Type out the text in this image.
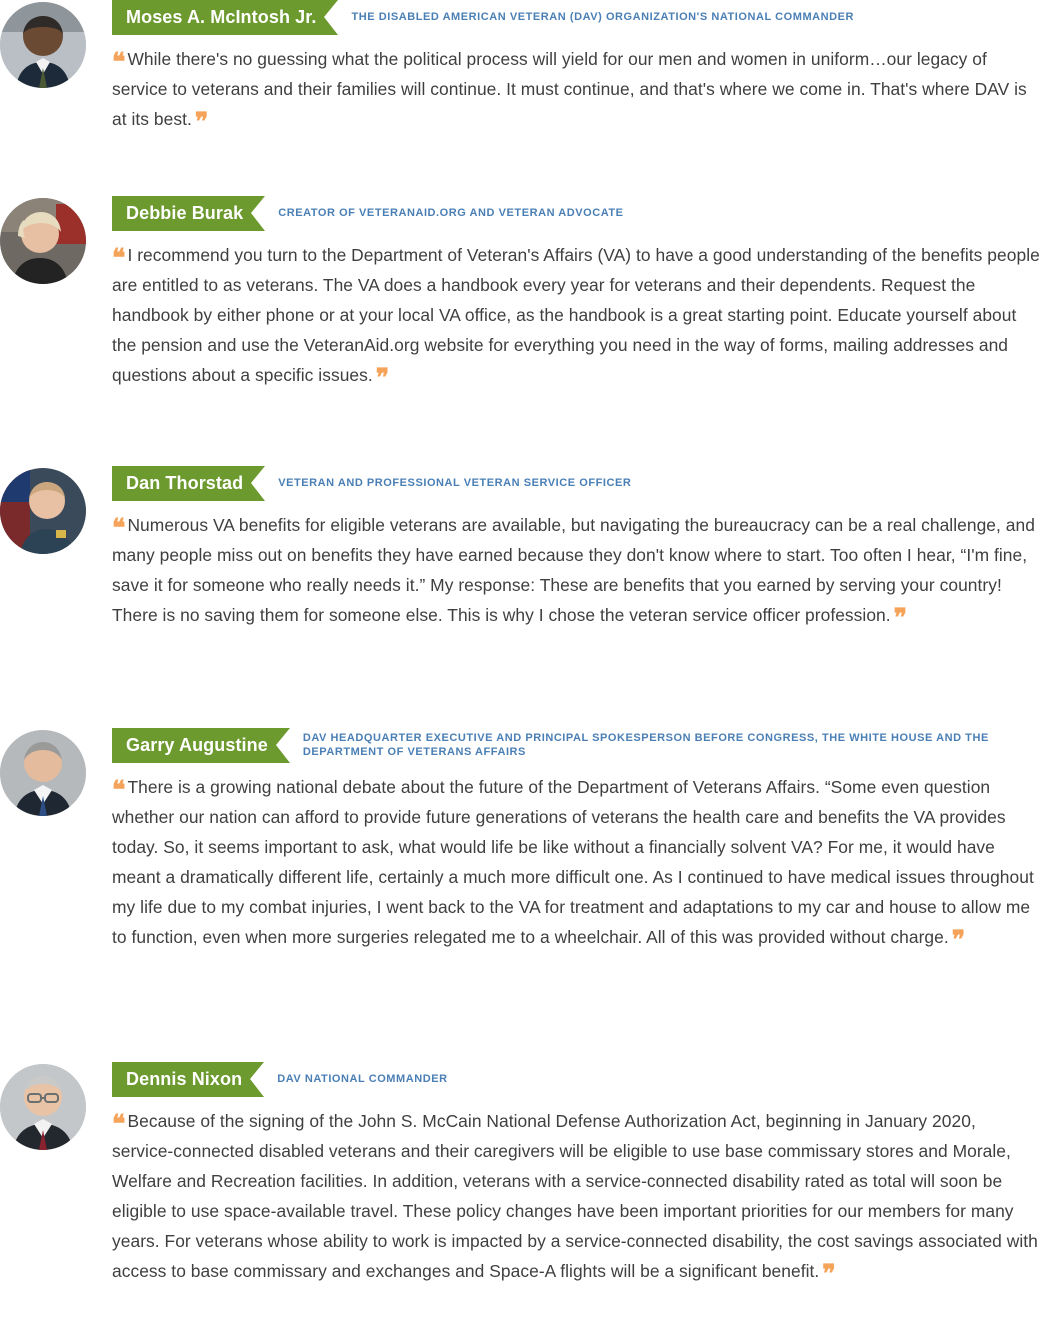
Moses A. McIntosh Jr.	THE DISABLED AMERICAN VETERAN (DAV) ORGANIZATION'S NATIONAL COMMANDER
❝ While there's no guessing what the political process will yield for our men and women in uniform…our legacy of service to veterans and their families will continue. It must continue, and that's where we come in. That's where DAV is at its best. ❞
Debbie Burak	CREATOR OF VETERANAID.ORG AND VETERAN ADVOCATE
❝ I recommend you turn to the Department of Veteran's Affairs (VA) to have a good understanding of the benefits people are entitled to as veterans. The VA does a handbook every year for veterans and their dependents. Request the handbook by either phone or at your local VA office, as the handbook is a great starting point. Educate yourself about the pension and use the VeteranAid.org website for everything you need in the way of forms, mailing addresses and questions about a specific issues. ❞
Dan Thorstad	VETERAN AND PROFESSIONAL VETERAN SERVICE OFFICER
❝ Numerous VA benefits for eligible veterans are available, but navigating the bureaucracy can be a real challenge, and many people miss out on benefits they have earned because they don't know where to start. Too often I hear, “I'm fine, save it for someone who really needs it.” My response: These are benefits that you earned by serving your country! There is no saving them for someone else. This is why I chose the veteran service officer profession. ❞
Garry Augustine	DAV HEADQUARTER EXECUTIVE AND PRINCIPAL SPOKESPERSON BEFORE CONGRESS, THE WHITE HOUSE AND THE DEPARTMENT OF VETERANS AFFAIRS
❝ There is a growing national debate about the future of the Department of Veterans Affairs. “Some even question whether our nation can afford to provide future generations of veterans the health care and benefits the VA provides today. So, it seems important to ask, what would life be like without a financially solvent VA? For me, it would have meant a dramatically different life, certainly a much more difficult one. As I continued to have medical issues throughout my life due to my combat injuries, I went back to the VA for treatment and adaptations to my car and house to allow me to function, even when more surgeries relegated me to a wheelchair. All of this was provided without charge. ❞
Dennis Nixon	DAV NATIONAL COMMANDER
❝ Because of the signing of the John S. McCain National Defense Authorization Act, beginning in January 2020, service-connected disabled veterans and their caregivers will be eligible to use base commissary stores and Morale, Welfare and Recreation facilities. In addition, veterans with a service-connected disability rated as total will soon be eligible to use space-available travel. These policy changes have been important priorities for our members for many years. For veterans whose ability to work is impacted by a service-connected disability, the cost savings associated with access to base commissary and exchanges and Space-A flights will be a significant benefit. ❞
